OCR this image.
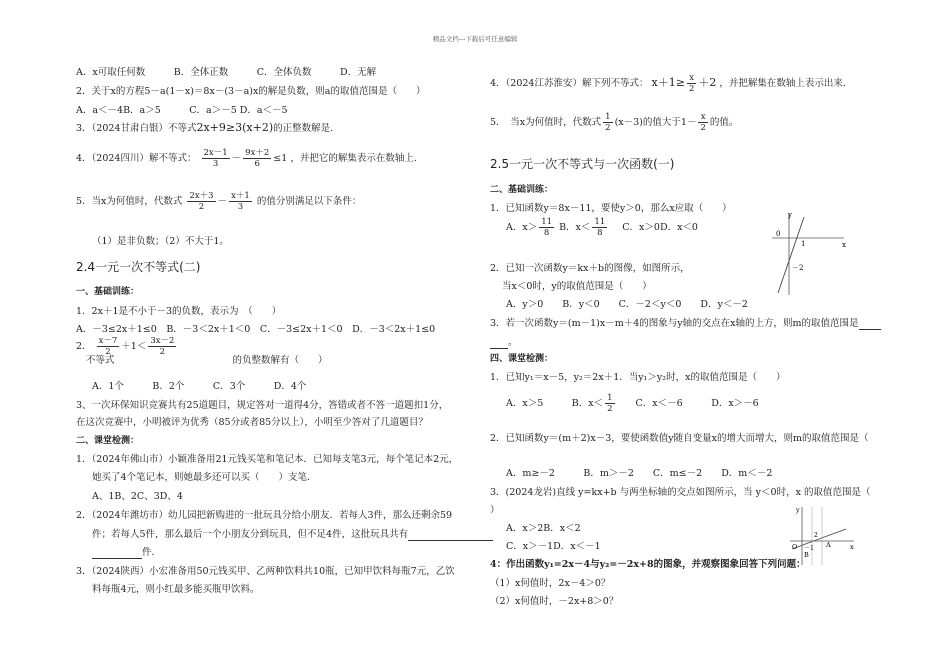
精品文档---下载后可任意编辑
A．x可取任何数　　　B．全体正数　　　C．全体负数　　　D．无解
2．关于x的方程5－a(1－x)＝8x－(3－a)x的解是负数，则a的取值范围是（　　）
A．a＜－4B．a＞5　　　C．a＞－5 D．a＜－5
3．（2024甘肃白银）不等式2x+9≥3(x+2)的正整数解是.
4．（2024四川）解不等式： $\frac{2x-1}{3} - \frac{9x+2}{6} \le 1$ ，并把它的解集表示在数轴上.
5．当x为何值时，代数式 $\frac{2x+3}{2} - \frac{x+1}{3}$ 的值分别满足以下条件：
（1）是非负数；（2）不大于1。
2.4一元一次不等式(二)
一、基础训练：
1．2x＋1是不小于－3的负数，表示为　（　　）
A．－3≤2x＋1≤0　B．－3＜2x＋1＜0　C．－3≤2x＋1＜0　D．－3＜2x＋1≤0
2． $\frac{x-7}{2} +1< \frac{3x-2}{2}$
不等式	的负整数解有（　　）
A．1个　　　B．2个　　　C．3个　　　D．4个
3、一次环保知识竞赛共有25道题目，规定答对一道得4分，答错或者不答一道题扣1分，
在这次竞赛中，小明被评为优秀（85分或者85分以上），小明至少答对了几道题目？
二、课堂检测：
1．（2024年佛山市）小颖准备用21元钱买笔和笔记本．已知每支笔3元，每个笔记本2元，
她买了4个笔记本，则她最多还可以买（　　）支笔．
A、1B、2C、3D、4
2．（2024年潍坊市）幼儿园把新购进的一批玩具分给小朋友．若每人3件，那么还剩余59
件；若每人5件，那么最后一个小朋友分到玩具，但不足4件，这批玩具共有
件．
3．（2024陕西）小宏准备用50元钱买甲、乙两种饮料共10瓶，已知甲饮料每瓶7元，乙饮
料每瓶4元，则小红最多能买瓶甲饮料。
4．（2024江苏淮安）解下列不等式： $x+1\ge \frac{x}{2} +2$ ，并把解集在数轴上表示出来．
5．　当x为何值时，代数式 $\frac{1}{2} (x-3)$的值大于$1- \frac{x}{2}$ 的值。
2.5一元一次不等式与一次函数(一)
二、基础训练：
1．已知函数y＝8x－11，要使y＞0，那么x应取（　　）
A．$x> \frac{11}{8}$ B．$x< \frac{11}{8}$ C．x＞0D．x＜0
2．已知一次函数y＝kx＋b的图像，如图所示，
当x＜0时，y的取值范围是（　　）
A．y＞0　　B．y＜0　　C．－2＜y＜0　　D．y＜－2
3．若一次函数y＝(m－1)x－m＋4的图象与y轴的交点在x轴的上方，则m的取值范围是
。
四、课堂检测：
1．已知y₁＝x－5，y₂＝2x＋1．当y₁＞y₂时，x的取值范围是（　　）
A．x＞5　　　B．$x< \frac{1}{2}$ 　　C．x＜－6　　　D．x＞－6
2．已知函数y＝(m＋2)x－3，要使函数值y随自变量x的增大而增大，则m的取值范围是（
A．m≥－2　　　B．m＞－2　　C．m≤－2　　D．m＜－2
3．(2024龙岩)直线 y=kx+b 与两坐标轴的交点如图所示，当 y＜0时，x 的取值范围是（
）
A．x＞2B．x＜2
C．x＞－1D．x＜－1
4：作出函数y₁=2x－4与y₂=－2x+8的图象，并观察图象回答下列问题：
（1）x何值时，2x－4＞0？
（2）x何值时，－2x+8＞0？
y
x
0
1
－2
y
x
O	A
B
2
－1
